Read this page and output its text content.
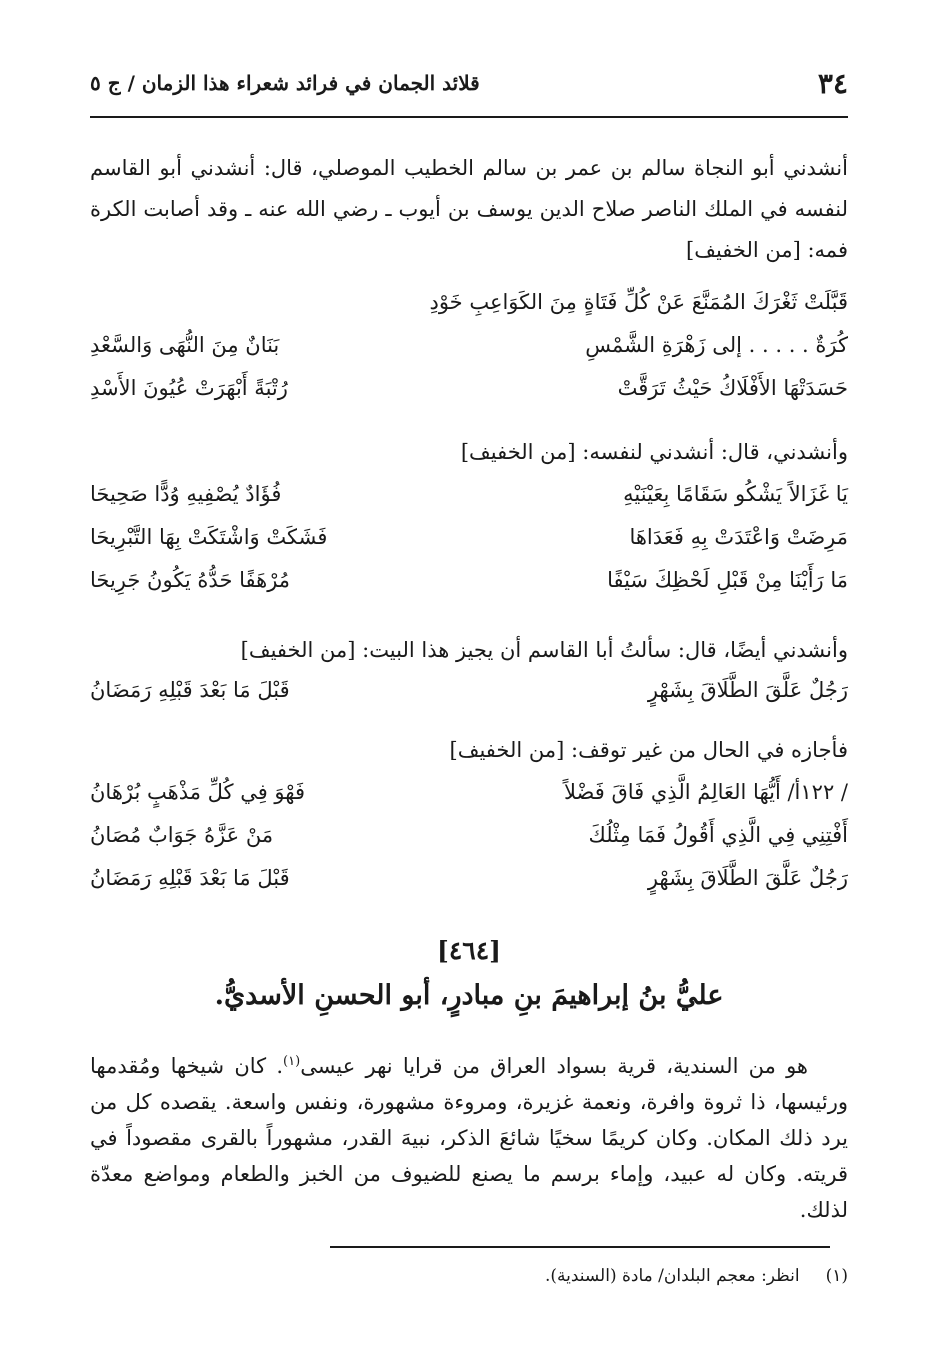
٣٤
قلائد الجمان في فرائد شعراء هذا الزمان / ج ٥
أنشدني أبو النجاة سالم بن عمر بن سالم الخطيب الموصلي، قال: أنشدني أبو القاسم لنفسه في الملك الناصر صلاح الدين يوسف بن أيوب ـ رضي الله عنه ـ وقد أصابت الكرة فمه: [من الخفيف]
قَبَّلَتْ ثَغْرَكَ المُمَنَّعَ عَنْ كُلِّ فَتَاةٍ مِنَ الكَوَاعِبِ خَوْدِ
كُرَةٌ . . . . . إلى زَهْرَةِ الشَّمْسِ
بَنَانٌ مِنَ النُّهَى وَالسَّعْدِ
حَسَدَتْهَا الأَفْلَاكُ حَيْثُ تَرَقَّتْ
رُتْبَةً أَبْهَرَتْ عُيُونَ الأَسْدِ
وأنشدني، قال: أنشدني لنفسه: [من الخفيف]
يَا غَزَالاً يَشْكُو سَقَامًا بِعَيْنَيْهِ
فُؤَادٌ يُصْفِيهِ وُدًّا صَحِيحَا
مَرِضَتْ وَاعْتَدَتْ بِهِ فَعَدَاهَا
فَشَكَتْ وَاشْتَكَتْ بِهَا التَّبْرِيحَا
مَا رَأَيْنَا مِنْ قَبْلِ لَحْظِكَ سَيْفًا
مُرْهَفًا حَدُّهُ يَكُونُ جَرِيحَا
وأنشدني أيضًا، قال: سألتُ أبا القاسم أن يجيز هذا البيت: [من الخفيف]
رَجُلٌ عَلَّقَ الطَّلَاقَ بِشَهْرٍ
قَبْلَ مَا بَعْدَ قَبْلِهِ رَمَضَانُ
فأجازه في الحال من غير توقف: [من الخفيف]
/ ١٢٢أ/ أَيُّهَا العَالِمُ الَّذِي فَاقَ فَضْلاً
فَهْوَ فِي كُلِّ مَذْهَبٍ بُرْهَانُ
أَفْتِنِي فِي الَّذِي أَقُولُ فَمَا مِثْلُكَ
مَنْ عَزَّهُ جَوَابٌ مُصَانُ
رَجُلٌ عَلَّقَ الطَّلَاقَ بِشَهْرٍ
قَبْلَ مَا بَعْدَ قَبْلِهِ رَمَضَانُ
[٤٦٤]
عليُّ بنُ إبراهيمَ بنِ مبادرٍ، أبو الحسنِ الأسديُّ.

هو من السندية، قرية بسواد العراق من قرايا نهر عيسى$^{(١)}$. كان شيخها ومُقدمها ورئيسها، ذا ثروة وافرة، ونعمة غزيرة، ومروءة مشهورة، ونفس واسعة. يقصده كل من يرد ذلك المكان. وكان كريمًا سخيًا شائعَ الذكر، نبيهَ القدر، مشهوراً بالقرى مقصوداً في قريته. وكان له عبيد، وإماء برسم ما يصنع للضيوف من الخبز والطعام ومواضع معدّة لذلك.

(١)
انظر: معجم البلدان/ مادة (السندية).
